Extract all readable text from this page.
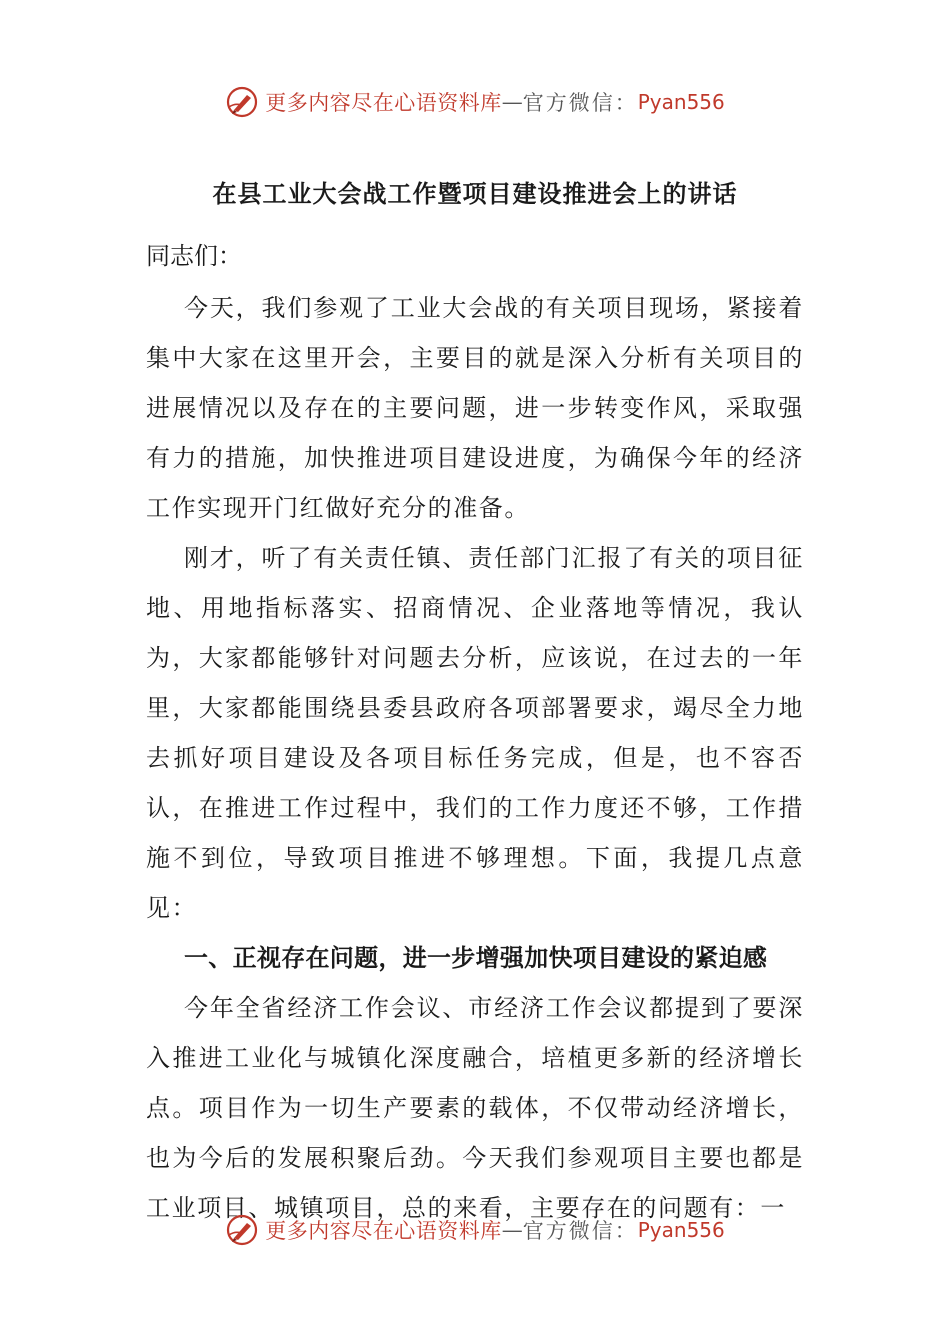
更多内容尽在心语资料库 — 官方微信： Pyan556
在县工业大会战工作暨项目建设推进会上的讲话
同志们：

今天，我们参观了工业大会战的有关项目现场，紧接着集中大家在这里开会，主要目的就是深入分析有关项目的进展情况以及存在的主要问题，进一步转变作风，采取强有力的措施，加快推进项目建设进度，为确保今年的经济工作实现开门红做好充分的准备。

刚才，听了有关责任镇、责任部门汇报了有关的项目征地、用地指标落实、招商情况、企业落地等情况，我认为，大家都能够针对问题去分析，应该说，在过去的一年里，大家都能围绕县委县政府各项部署要求，竭尽全力地去抓好项目建设及各项目标任务完成，但是，也不容否认，在推进工作过程中，我们的工作力度还不够，工作措施不到位，导致项目推进不够理想。下面，我提几点意见：

一、正视存在问题，进一步增强加快项目建设的紧迫感

今年全省经济工作会议、市经济工作会议都提到了要深入推进工业化与城镇化深度融合，培植更多新的经济增长点。项目作为一切生产要素的载体，不仅带动经济增长，也为今后的发展积聚后劲。今天我们参观项目主要也都是工业项目、城镇项目，总的来看，主要存在的问题有：一

更多内容尽在心语资料库 — 官方微信： Pyan556
